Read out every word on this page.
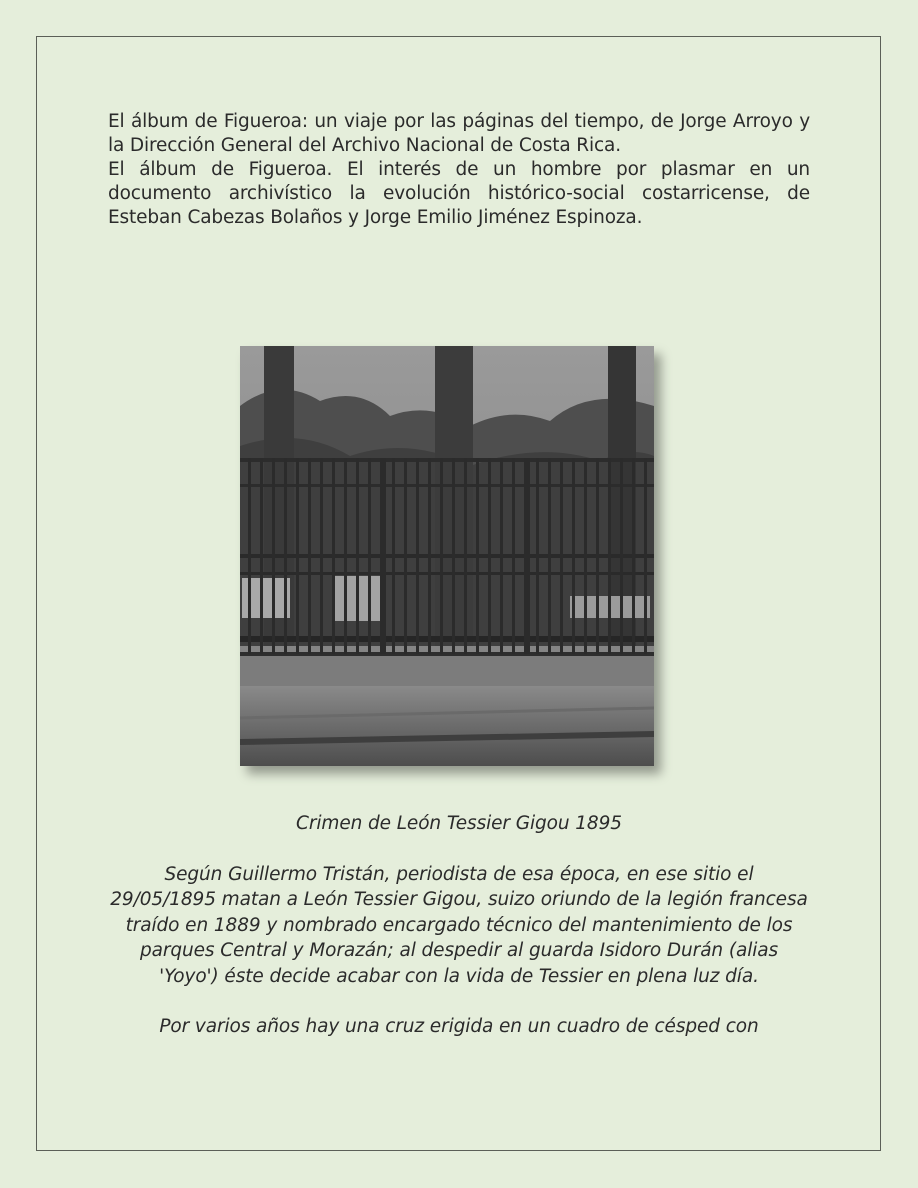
El álbum de Figueroa: un viaje por las páginas del tiempo, de Jorge Arroyo y la Dirección General del Archivo Nacional de Costa Rica.

El álbum de Figueroa. El interés de un hombre por plasmar en un documento archivístico la evolución histórico-social costarricense, de Esteban Cabezas Bolaños y Jorge Emilio Jiménez Espinoza.

Crimen de León Tessier Gigou 1895

Según Guillermo Tristán, periodista de esa época, en ese sitio el 29/05/1895 matan a León Tessier Gigou, suizo oriundo de la legión francesa traído en 1889 y nombrado encargado técnico del mantenimiento de los parques Central y Morazán; al despedir al guarda Isidoro Durán (alias 'Yoyo') éste decide acabar con la vida de Tessier en plena luz día.

Por varios años hay una cruz erigida en un cuadro de césped con
